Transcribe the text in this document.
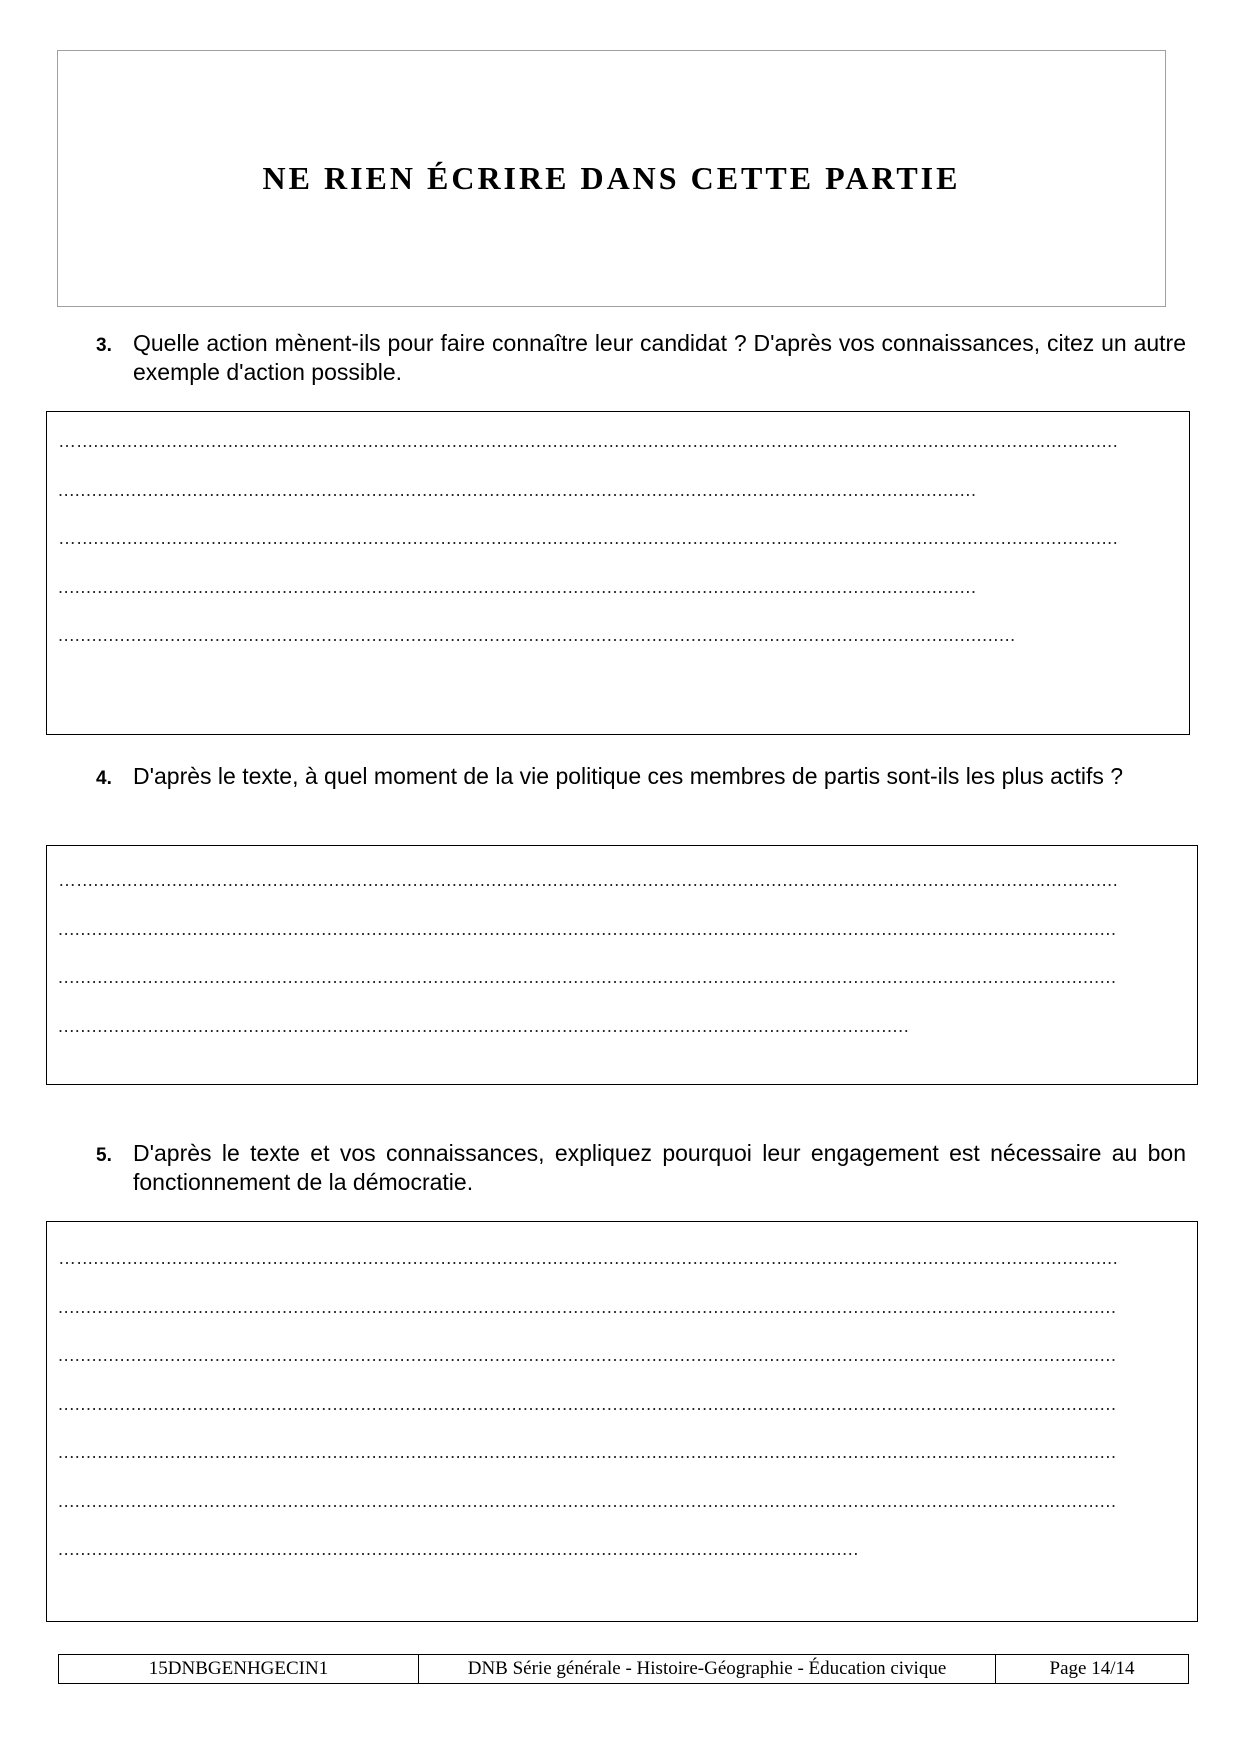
NE RIEN ÉCRIRE DANS CETTE PARTIE
3. Quelle action mènent-ils pour faire connaître leur candidat ? D'après vos connaissances, citez un autre exemple d'action possible.
…..........................................................................................................................................................................................
....................................................................................................................................................................
…..........................................................................................................................................................................................
....................................................................................................................................................................
...........................................................................................................................................................................
4. D'après le texte, à quel moment de la vie politique ces membres de partis sont-ils les plus actifs ?
…..........................................................................................................................................................................................
.............................................................................................................................................................................................
.............................................................................................................................................................................................
........................................................................................................................................................
5. D'après le texte et vos connaissances, expliquez pourquoi leur engagement est nécessaire au bon fonctionnement de la démocratie.
…..........................................................................................................................................................................................
.............................................................................................................................................................................................
.............................................................................................................................................................................................
.............................................................................................................................................................................................
.............................................................................................................................................................................................
.............................................................................................................................................................................................
...............................................................................................................................................
15DNBGENHGECIN1	DNB Série générale - Histoire-Géographie - Éducation civique	Page 14/14
